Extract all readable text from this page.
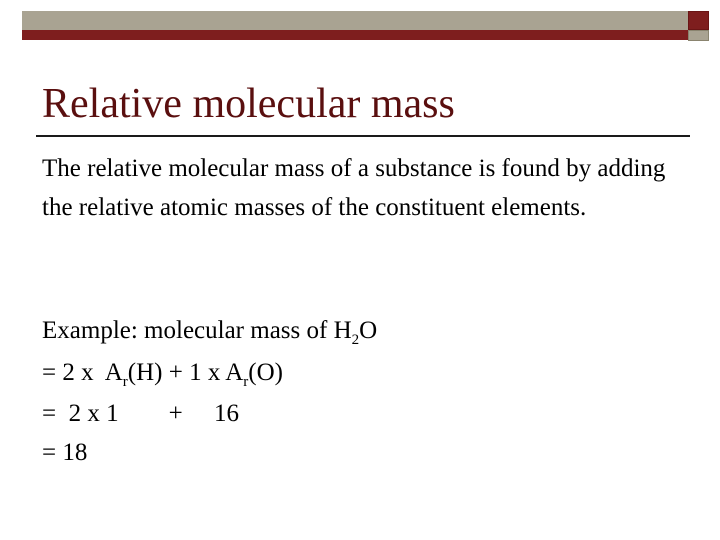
Relative molecular mass

The relative molecular mass of a substance is found by adding the relative atomic masses of the constituent elements.

Example: molecular mass of $H_2O$
= 2 x  $A_r(H) + 1$ x $A_r(O)$
=  2 x 1        +     16
= 18
